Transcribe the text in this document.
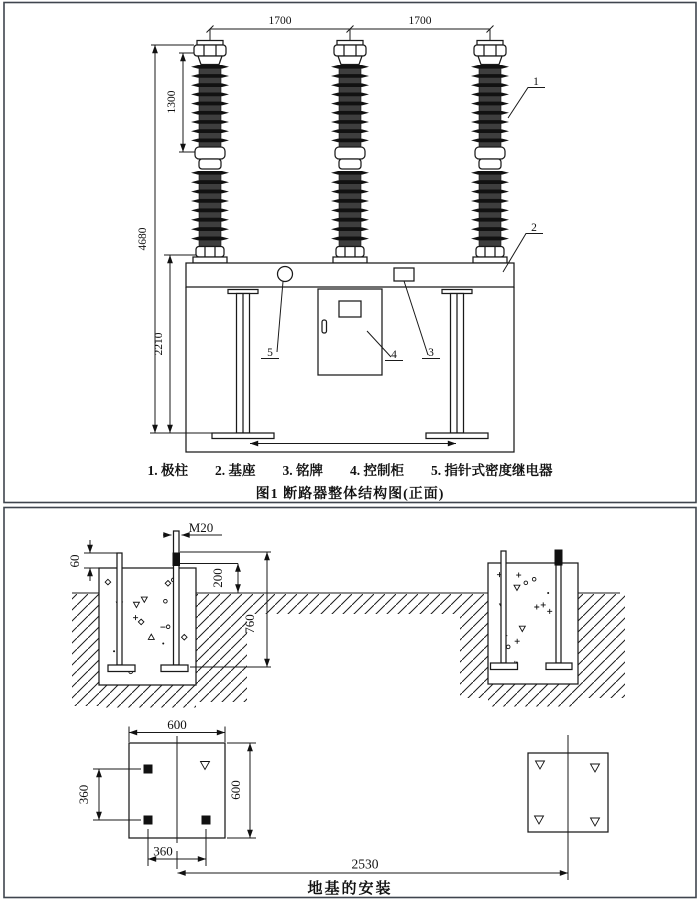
1700	1700
4680
1300
2210
1
2
3
4
5
M20
60
200
760
600
600
360
360
2530
1. 极柱 2. 基座 3. 铭牌 4. 控制柜 5. 指针式密度继电器
图1 断路器整体结构图(正面)
地基的安装
